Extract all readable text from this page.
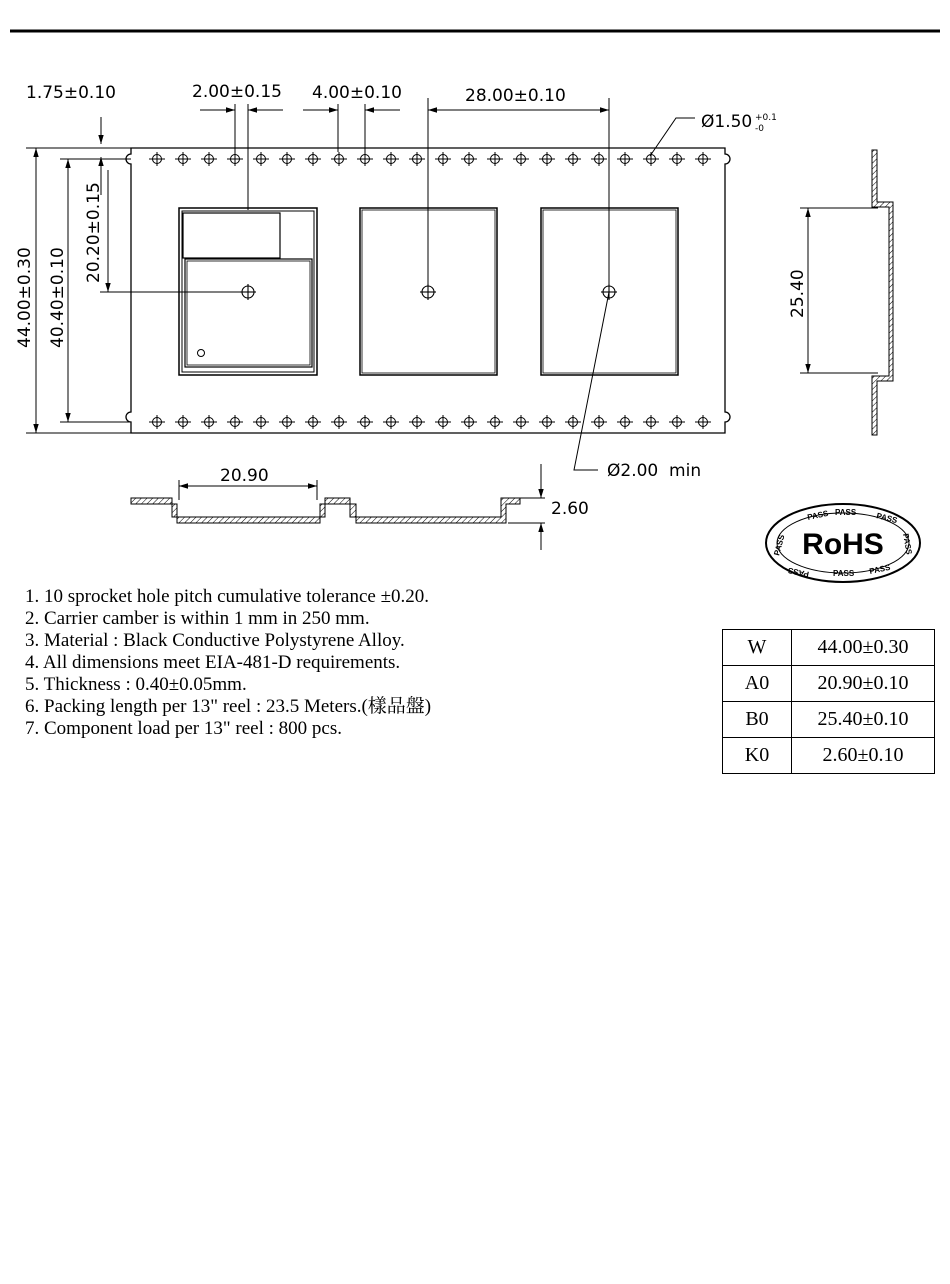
1.75±0.10	2.00±0.15 4.00±0.10	28.00±0.10
Ø1.50 +0.1
-0
20.20±0.15
44.00±0.30 40.40±0.10	25.40
Ø2.00  min
20.90
2.60
RoHS
PASS PASS PASS
PASS	PASS
PASS	PASS PASS
1. 10 sprocket hole pitch cumulative tolerance ±0.20.
2. Carrier camber is within 1 mm in 250 mm.
3. Material : Black Conductive Polystyrene Alloy.
4. All dimensions meet EIA-481-D requirements.
5. Thickness : 0.40±0.05mm.
6. Packing length per 13" reel : 23.5 Meters.(樣品盤)
7. Component load per 13" reel : 800 pcs.
W	44.00±0.30
A0	20.90±0.10
B0	25.40±0.10
K0	2.60±0.10
